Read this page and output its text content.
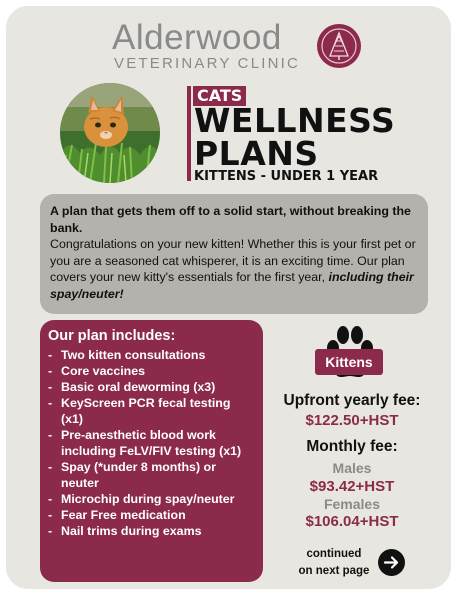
Alderwood
VETERINARY CLINIC
CATS
WELLNESS
PLANS
KITTENS - UNDER 1 YEAR
A plan that gets them off to a solid start, without breaking the bank.
Congratulations on your new kitten! Whether this is your first pet or you are a seasoned cat whisperer, it is an exciting time. Our plan covers your new kitty's essentials for the first year, including their spay/neuter!
Our plan includes:
- Two kitten consultations
- Core vaccines
- Basic oral deworming (x3)
- KeyScreen PCR fecal testing (x1)
- Pre-anesthetic blood work including FeLV/FIV testing (x1)
- Spay (*under 8 months) or neuter
- Microchip during spay/neuter
- Fear Free medication
- Nail trims during exams
Kittens
Upfront yearly fee:
$122.50+HST
Monthly fee:
Males
$93.42+HST
Females
$106.04+HST
continued
on next page
